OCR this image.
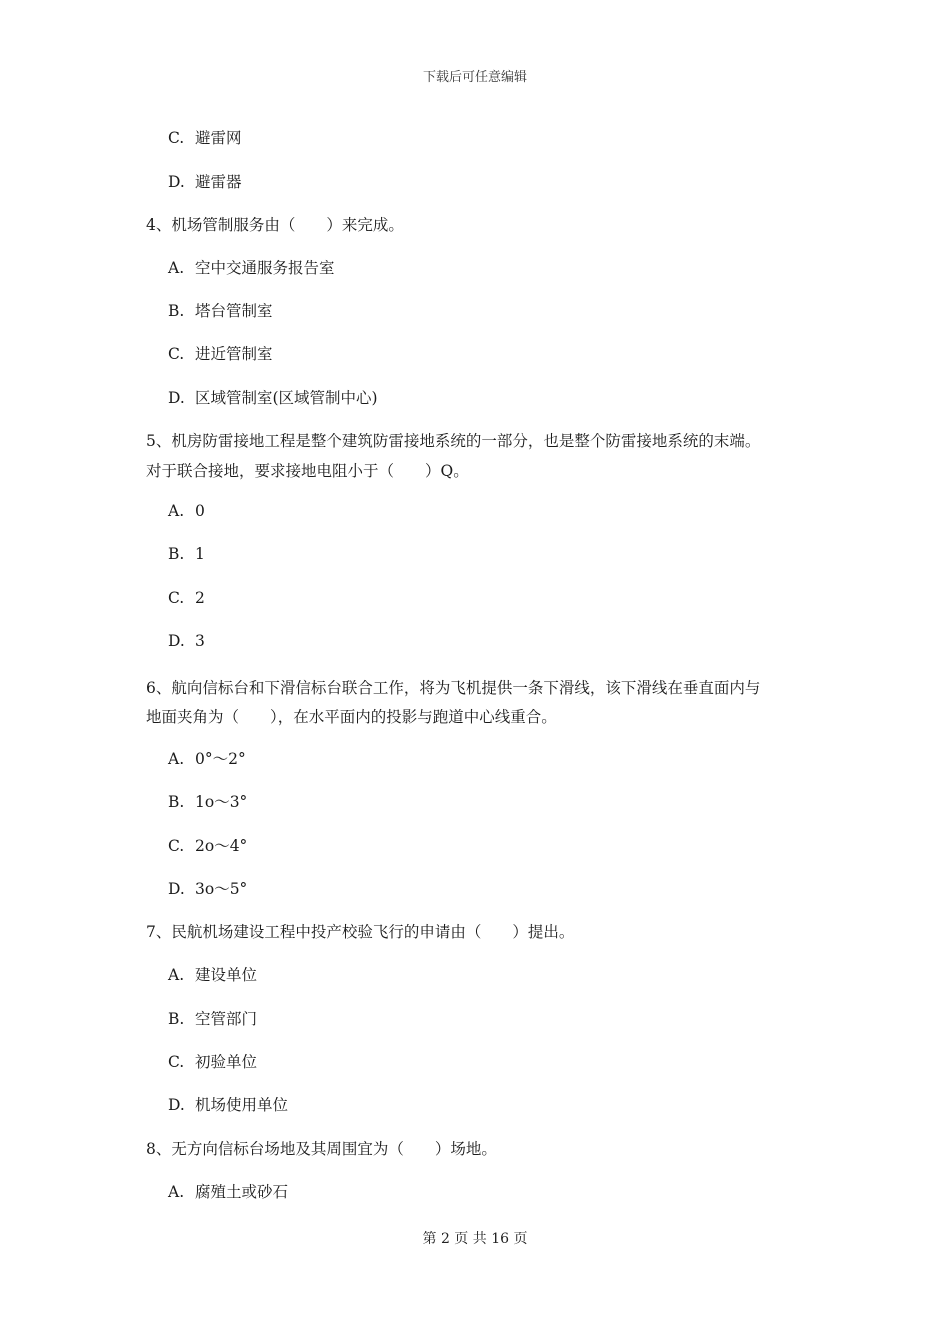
下载后可任意编辑
C. 避雷网
D. 避雷器
4、机场管制服务由（　　）来完成。
A. 空中交通服务报告室
B. 塔台管制室
C. 进近管制室
D. 区域管制室(区域管制中心)
5、机房防雷接地工程是整个建筑防雷接地系统的一部分，也是整个防雷接地系统的末端。
对于联合接地，要求接地电阻小于（　　）Q。
A. 0
B. 1
C. 2
D. 3
6、航向信标台和下滑信标台联合工作，将为飞机提供一条下滑线，该下滑线在垂直面内与
地面夹角为（　　），在水平面内的投影与跑道中心线重合。
A. 0°～2°
B. 1o～3°
C. 2o～4°
D. 3o～5°
7、民航机场建设工程中投产校验飞行的申请由（　　）提出。
A. 建设单位
B. 空管部门
C. 初验单位
D. 机场使用单位
8、无方向信标台场地及其周围宜为（　　）场地。
A. 腐殖土或砂石
第 2 页 共 16 页
